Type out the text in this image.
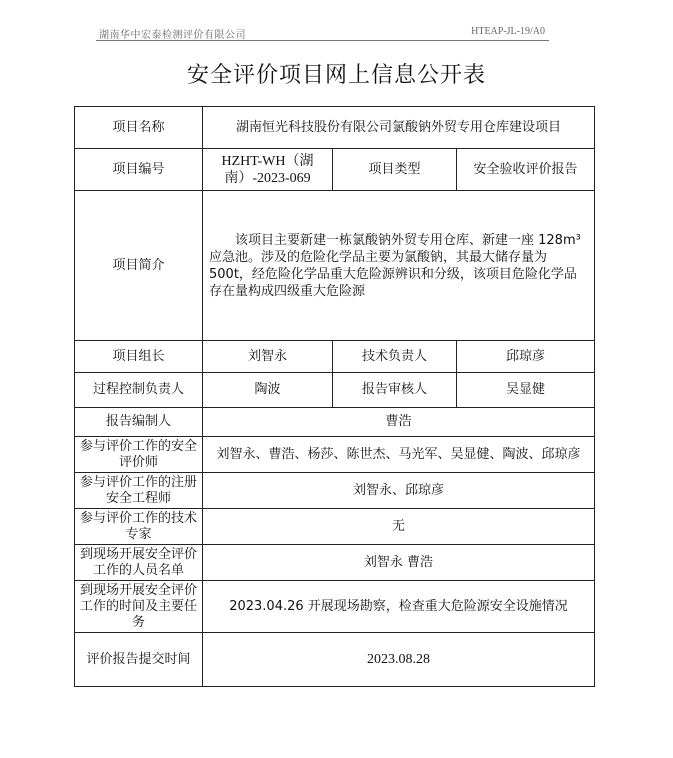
湖南华中宏泰检测评价有限公司	HTEAP-JL-19/A0
安全评价项目网上信息公开表
项目名称	湖南恒光科技股份有限公司氯酸钠外贸专用仓库建设项目		
项目编号	HZHT-WH（湖南）-2023-069	项目类型	安全验收评价报告
项目简介	该项目主要新建一栋氯酸钠外贸专用仓库、新建一座 128m³ 应急池。涉及的危险化学品主要为氯酸钠，其最大储存量为 500t，经危险化学品重大危险源辨识和分级，该项目危险化学品存在量构成四级重大危险源		
项目组长	刘智永	技术负责人	邱琼彦
过程控制负责人	陶波	报告审核人	吴显健
报告编制人	曹浩		
参与评价工作的安全评价师	刘智永、曹浩、杨莎、陈世杰、马光军、吴显健、陶波、邱琼彦		
参与评价工作的注册安全工程师	刘智永、邱琼彦		
参与评价工作的技术专家	无		
到现场开展安全评价工作的人员名单	刘智永 曹浩		
到现场开展安全评价工作的时间及主要任务	2023.04.26 开展现场勘察，检查重大危险源安全设施情况		
评价报告提交时间	2023.08.28		
